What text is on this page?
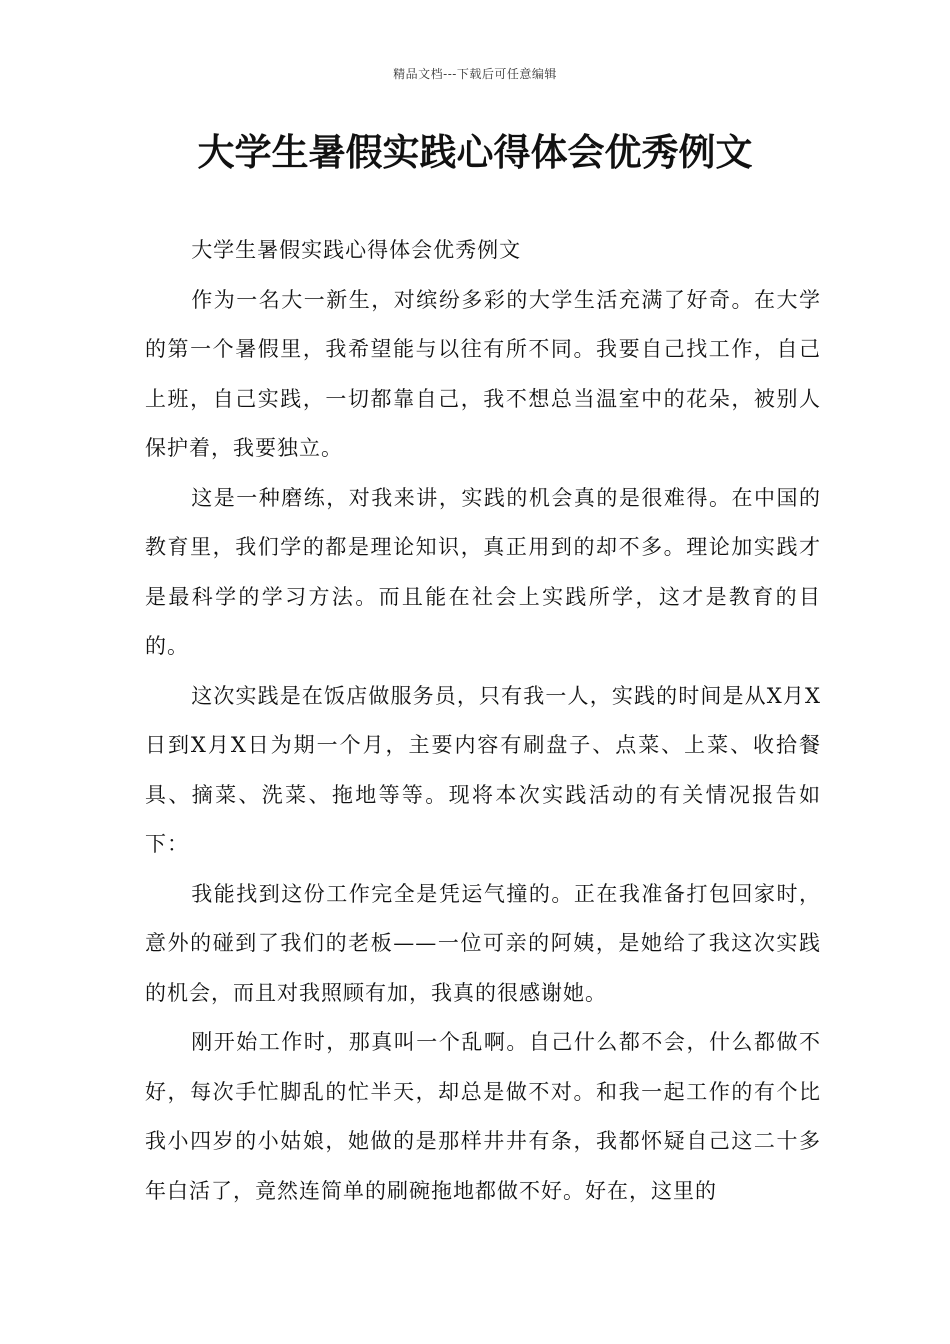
精品文档---下载后可任意编辑
大学生暑假实践心得体会优秀例文

大学生暑假实践心得体会优秀例文

作为一名大一新生，对缤纷多彩的大学生活充满了好奇。在大学的第一个暑假里，我希望能与以往有所不同。我要自己找工作，自己上班，自己实践，一切都靠自己，我不想总当温室中的花朵，被别人保护着，我要独立。

这是一种磨练，对我来讲，实践的机会真的是很难得。在中国的教育里，我们学的都是理论知识，真正用到的却不多。理论加实践才是最科学的学习方法。而且能在社会上实践所学，这才是教育的目的。

这次实践是在饭店做服务员，只有我一人，实践的时间是从X月X日到X月X日为期一个月，主要内容有刷盘子、点菜、上菜、收拾餐具、摘菜、洗菜、拖地等等。现将本次实践活动的有关情况报告如下：

我能找到这份工作完全是凭运气撞的。正在我准备打包回家时，意外的碰到了我们的老板——一位可亲的阿姨，是她给了我这次实践的机会，而且对我照顾有加，我真的很感谢她。

刚开始工作时，那真叫一个乱啊。自己什么都不会，什么都做不好，每次手忙脚乱的忙半天，却总是做不对。和我一起工作的有个比我小四岁的小姑娘，她做的是那样井井有条，我都怀疑自己这二十多年白活了，竟然连简单的刷碗拖地都做不好。好在，这里的
